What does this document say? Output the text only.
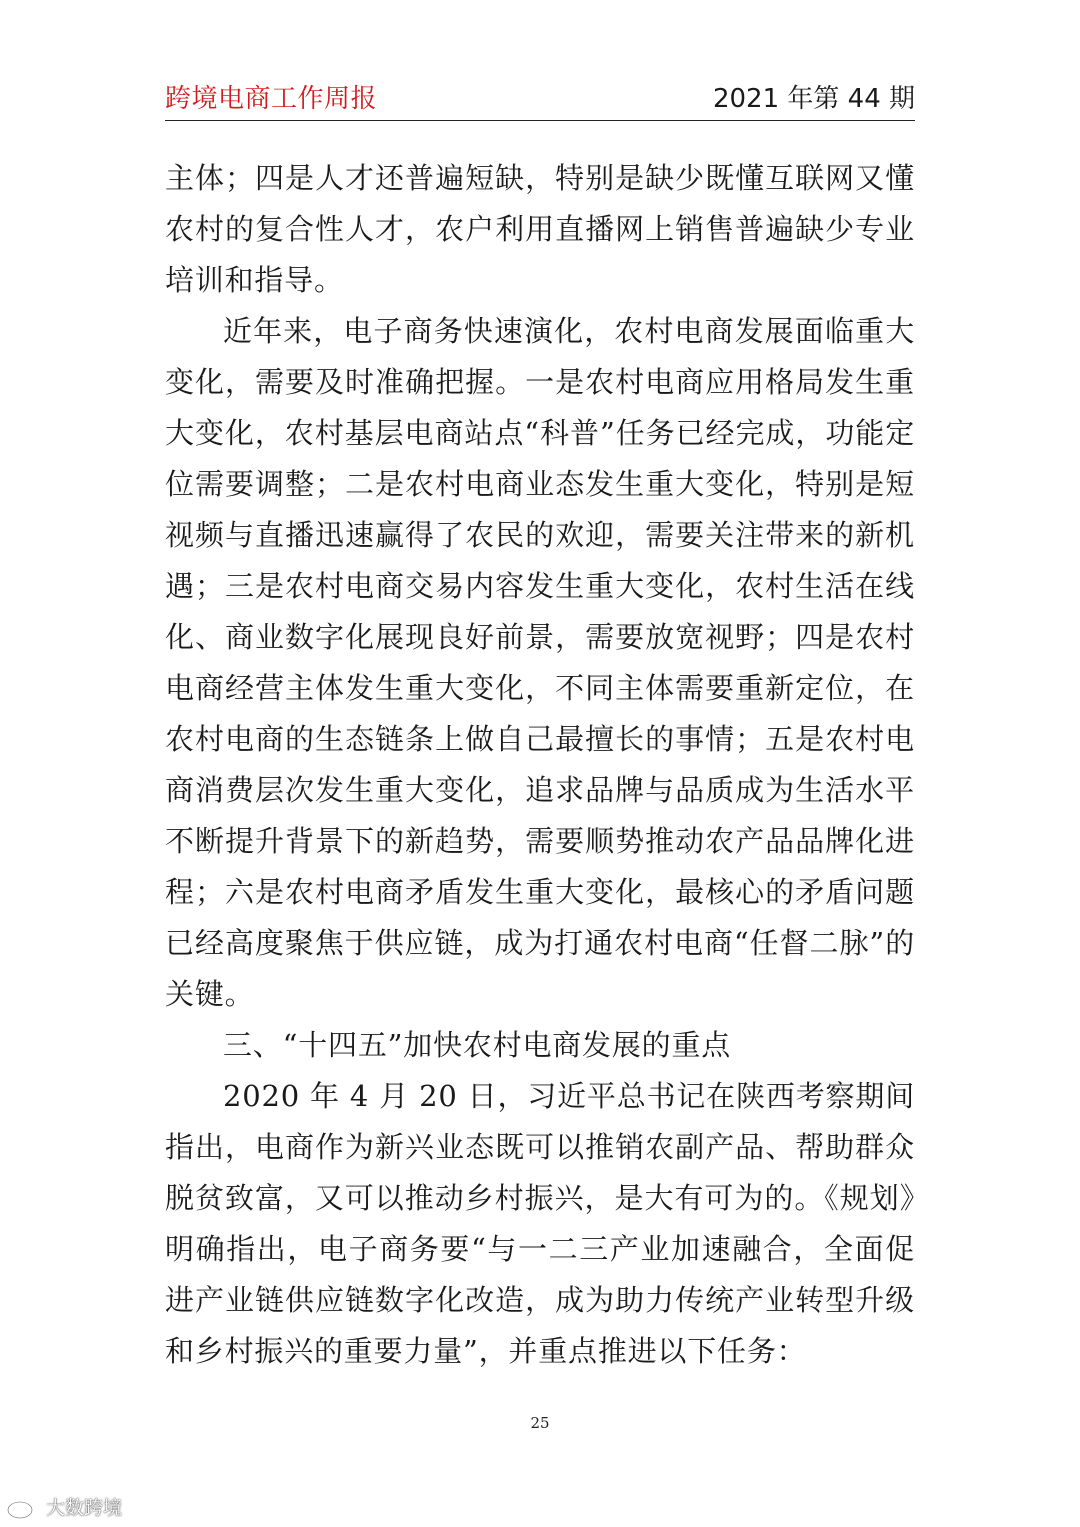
跨境电商工作周报	2021 年第 44 期

主体；四是人才还普遍短缺，特别是缺少既懂互联网又懂农村的复合性人才，农户利用直播网上销售普遍缺少专业培训和指导。

近年来，电子商务快速演化，农村电商发展面临重大变化，需要及时准确把握。一是农村电商应用格局发生重大变化，农村基层电商站点“科普”任务已经完成，功能定位需要调整；二是农村电商业态发生重大变化，特别是短视频与直播迅速赢得了农民的欢迎，需要关注带来的新机遇；三是农村电商交易内容发生重大变化，农村生活在线化、商业数字化展现良好前景，需要放宽视野；四是农村电商经营主体发生重大变化，不同主体需要重新定位，在农村电商的生态链条上做自己最擅长的事情；五是农村电商消费层次发生重大变化，追求品牌与品质成为生活水平不断提升背景下的新趋势，需要顺势推动农产品品牌化进程；六是农村电商矛盾发生重大变化，最核心的矛盾问题已经高度聚焦于供应链，成为打通农村电商“任督二脉”的关键。

三、“十四五”加快农村电商发展的重点

2020 年 4 月 20 日，习近平总书记在陕西考察期间指出，电商作为新兴业态既可以推销农副产品、帮助群众脱贫致富，又可以推动乡村振兴，是大有可为的。《规划》明确指出，电子商务要“与一二三产业加速融合，全面促进产业链供应链数字化改造，成为助力传统产业转型升级和乡村振兴的重要力量”，并重点推进以下任务：

25
大数跨境
